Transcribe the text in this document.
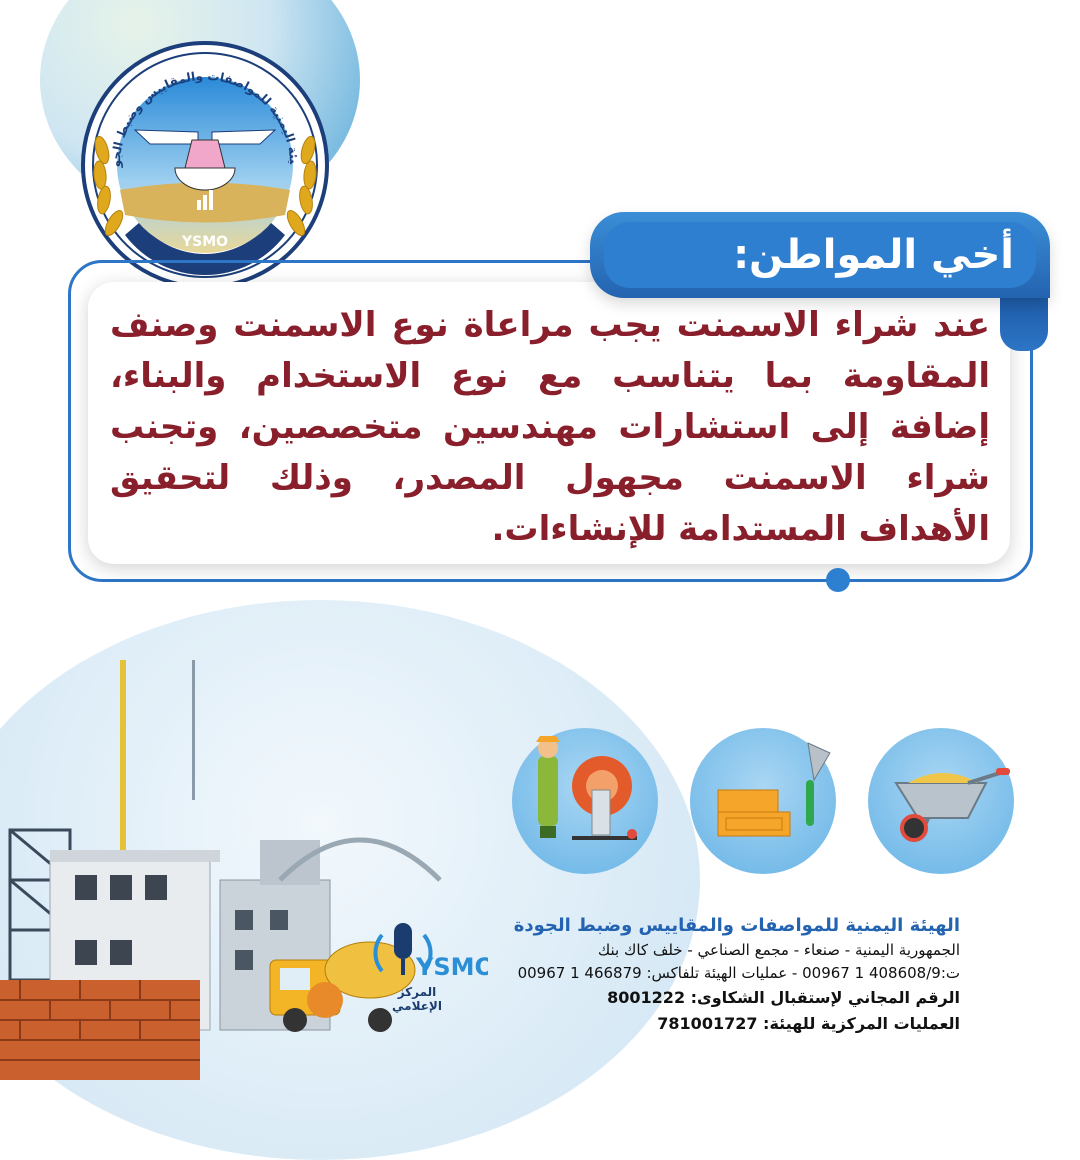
يئة اليمنية للمواصفات والمقاييس وضبط الجو
YSMO
عند شراء الاسمنت يجب مراعاة نوع الاسمنت وصنف المقاومة بما يتناسب مع نوع الاستخدام والبناء، إضافة إلى استشارات مهندسين متخصصين، وتجنب شراء الاسمنت مجهول المصدر، وذلك لتحقيق الأهداف المستدامة للإنشاءات.
أخي المواطن:
YSMO
المركز الإعلامي
الهيئة اليمنية للمواصفات والمقاييس وضبط الجودة
الجمهورية اليمنية - صنعاء - مجمع الصناعي - خلف كاك بنك
ت:408608/9 1 00967 - عمليات الهيئة تلفاكس: 466879 1 00967
الرقم المجاني لإستقبال الشكاوى: 8001222
العمليات المركزية للهيئة: 781001727
